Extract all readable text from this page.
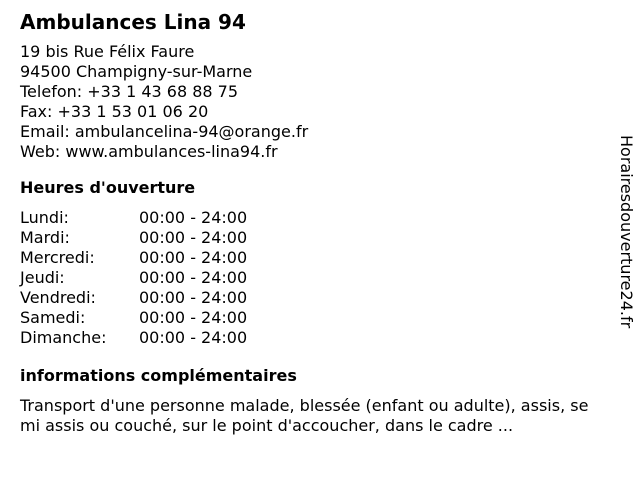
Ambulances Lina 94
19 bis Rue Félix Faure
94500 Champigny-sur-Marne
Telefon: +33 1 43 68 88 75
Fax: +33 1 53 01 06 20
Email: ambulancelina-94@orange.fr
Web: www.ambulances-lina94.fr
Heures d'ouverture
Lundi:	00:00 - 24:00
Mardi:	00:00 - 24:00
Mercredi:	00:00 - 24:00
Jeudi:	00:00 - 24:00
Vendredi:	00:00 - 24:00
Samedi:	00:00 - 24:00
Dimanche: 00:00 - 24:00
informations complémentaires
Transport d'une personne malade, blessée (enfant ou adulte), assis, semi assis ou couché, sur le point d'accoucher, dans le cadre ...
Horairesdouverture24.fr
